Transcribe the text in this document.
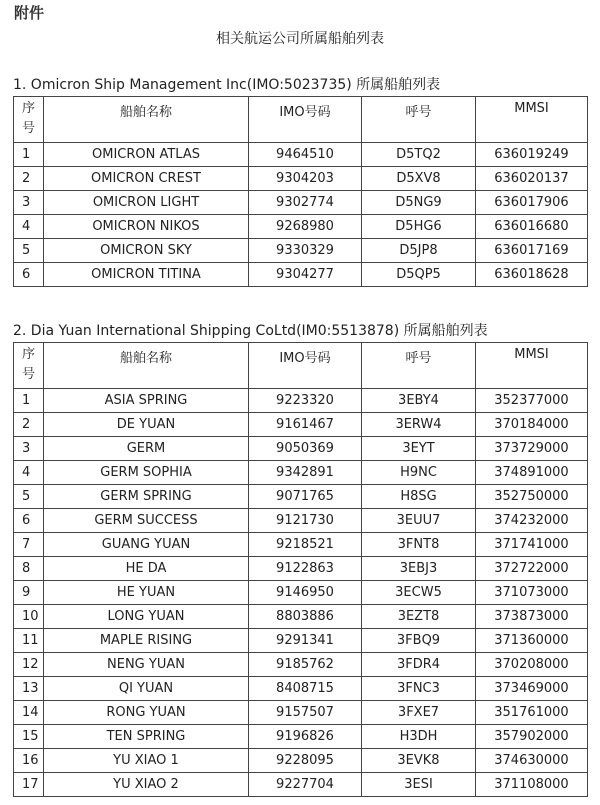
附件
相关航运公司所属船舶列表
1. Omicron Ship Management Inc(IMO:5023735) 所属船舶列表
序号	船舶名称	IMO号码	呼号	MMSI
1	OMICRON ATLAS	9464510	D5TQ2	636019249
2	OMICRON CREST	9304203	D5XV8	636020137
3	OMICRON LIGHT	9302774	D5NG9	636017906
4	OMICRON NIKOS	9268980	D5HG6	636016680
5	OMICRON SKY	9330329	D5JP8	636017169
6	OMICRON TITINA	9304277	D5QP5	636018628
2. Dia Yuan International Shipping CoLtd(IM0:5513878) 所属船舶列表
序号	船舶名称	IMO号码	呼号	MMSI
1	ASIA SPRING	9223320	3EBY4	352377000
2	DE YUAN	9161467	3ERW4	370184000
3	GERM	9050369	3EYT	373729000
4	GERM SOPHIA	9342891	H9NC	374891000
5	GERM SPRING	9071765	H8SG	352750000
6	GERM SUCCESS	9121730	3EUU7	374232000
7	GUANG YUAN	9218521	3FNT8	371741000
8	HE DA	9122863	3EBJ3	372722000
9	HE YUAN	9146950	3ECW5	371073000
10	LONG YUAN	8803886	3EZT8	373873000
11	MAPLE RISING	9291341	3FBQ9	371360000
12	NENG YUAN	9185762	3FDR4	370208000
13	QI YUAN	8408715	3FNC3	373469000
14	RONG YUAN	9157507	3FXE7	351761000
15	TEN SPRING	9196826	H3DH	357902000
16	YU XIAO 1	9228095	3EVK8	374630000
17	YU XIAO 2	9227704	3ESI	371108000
